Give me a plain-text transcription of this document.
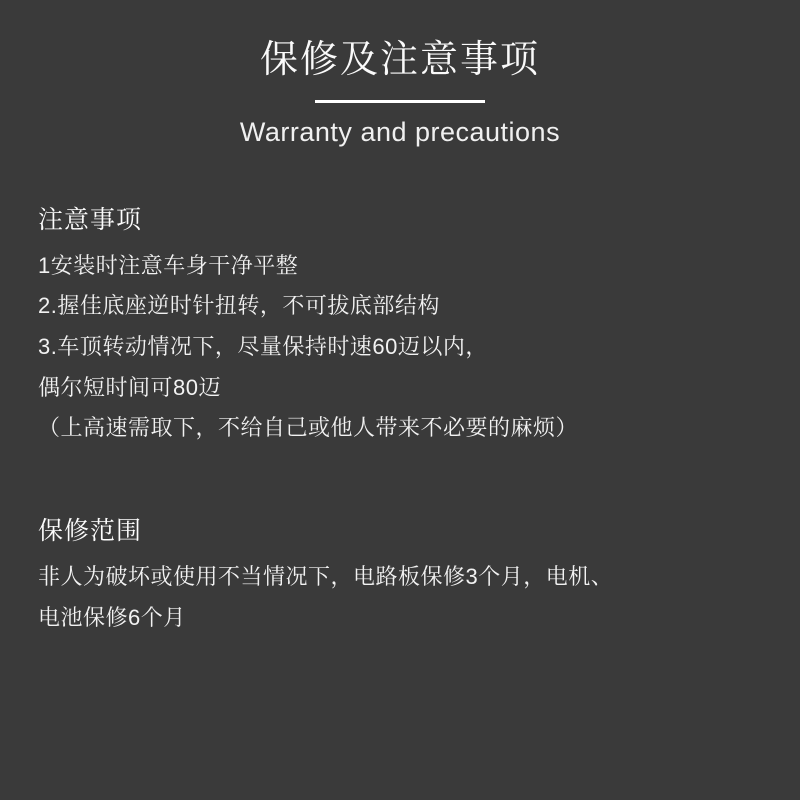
保修及注意事项
Warranty and precautions
注意事项
1安装时注意车身干净平整
2.握佳底座逆时针扭转，不可拔底部结构
3.车顶转动情况下，尽量保持时速60迈以内，
偶尔短时间可80迈
（上高速需取下，不给自己或他人带来不必要的麻烦）
保修范围
非人为破坏或使用不当情况下，电路板保修3个月，电机、
电池保修6个月
